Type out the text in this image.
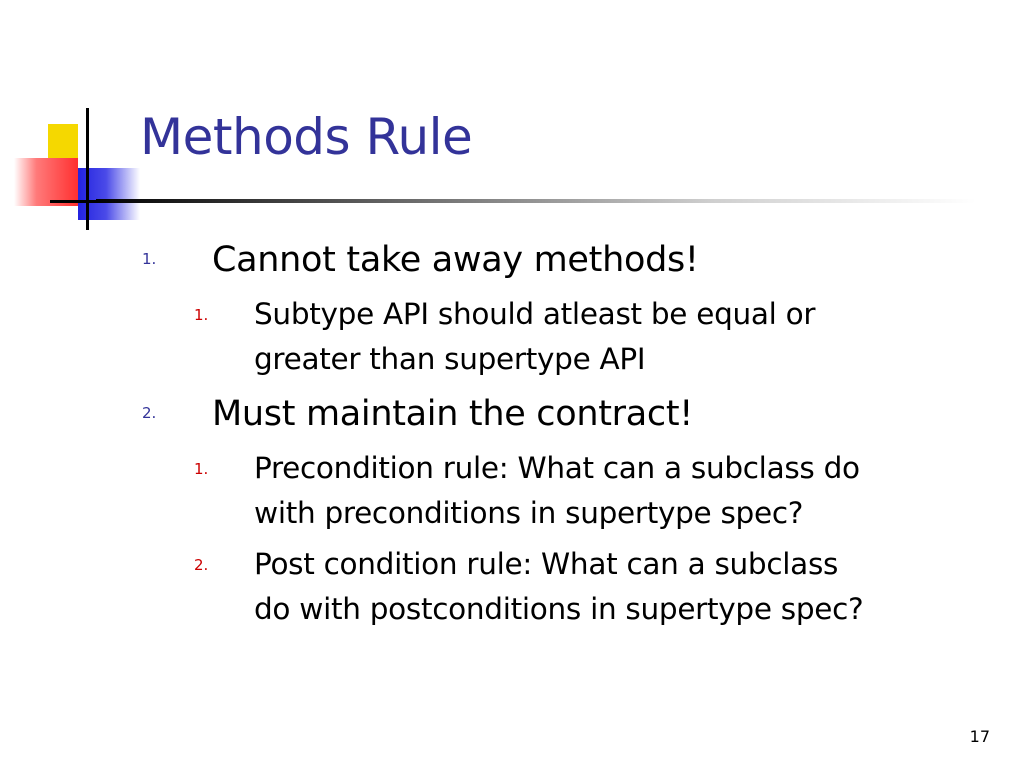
Methods Rule
1. Cannot take away methods!
1. Subtype API should atleast be equal or
greater than supertype API
2. Must maintain the contract!
1. Precondition rule: What can a subclass do
with preconditions in supertype spec?
2. Post condition rule: What can a subclass
do with postconditions in supertype spec?
17
